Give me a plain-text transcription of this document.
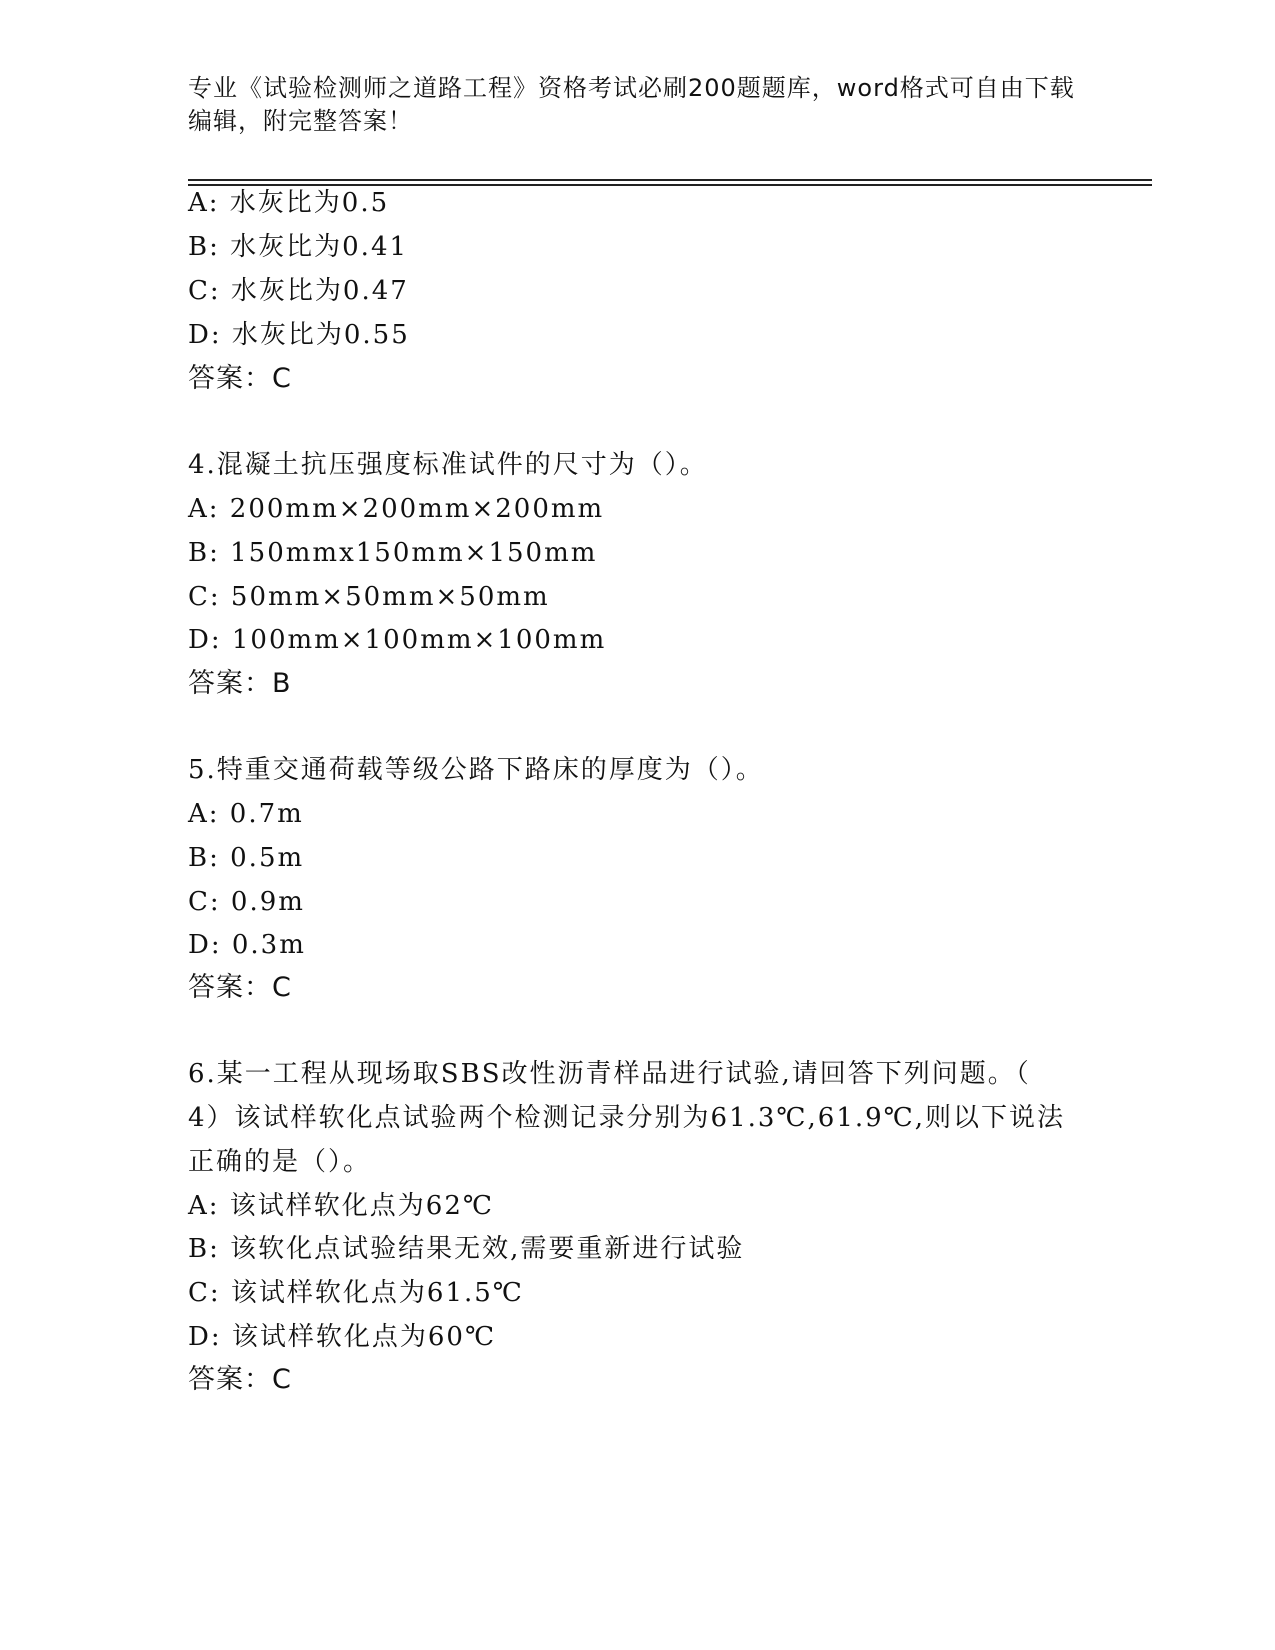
专业《试验检测师之道路工程》资格考试必刷200题题库，word格式可自由下载
编辑，附完整答案！
A: 水灰比为0.5
B: 水灰比为0.41
C: 水灰比为0.47
D: 水灰比为0.55
答案：C
4.混凝土抗压强度标准试件的尺寸为（）。
A: 200mm×200mm×200mm
B: 150mmx150mm×150mm
C: 50mm×50mm×50mm
D: 100mm×100mm×100mm
答案：B
5.特重交通荷载等级公路下路床的厚度为（）。
A: 0.7m
B: 0.5m
C: 0.9m
D: 0.3m
答案：C
6.某一工程从现场取SBS改性沥青样品进行试验,请回答下列问题。（
4）该试样软化点试验两个检测记录分别为61.3℃,61.9℃,则以下说法
正确的是（）。
A: 该试样软化点为62℃
B: 该软化点试验结果无效,需要重新进行试验
C: 该试样软化点为61.5℃
D: 该试样软化点为60℃
答案：C
